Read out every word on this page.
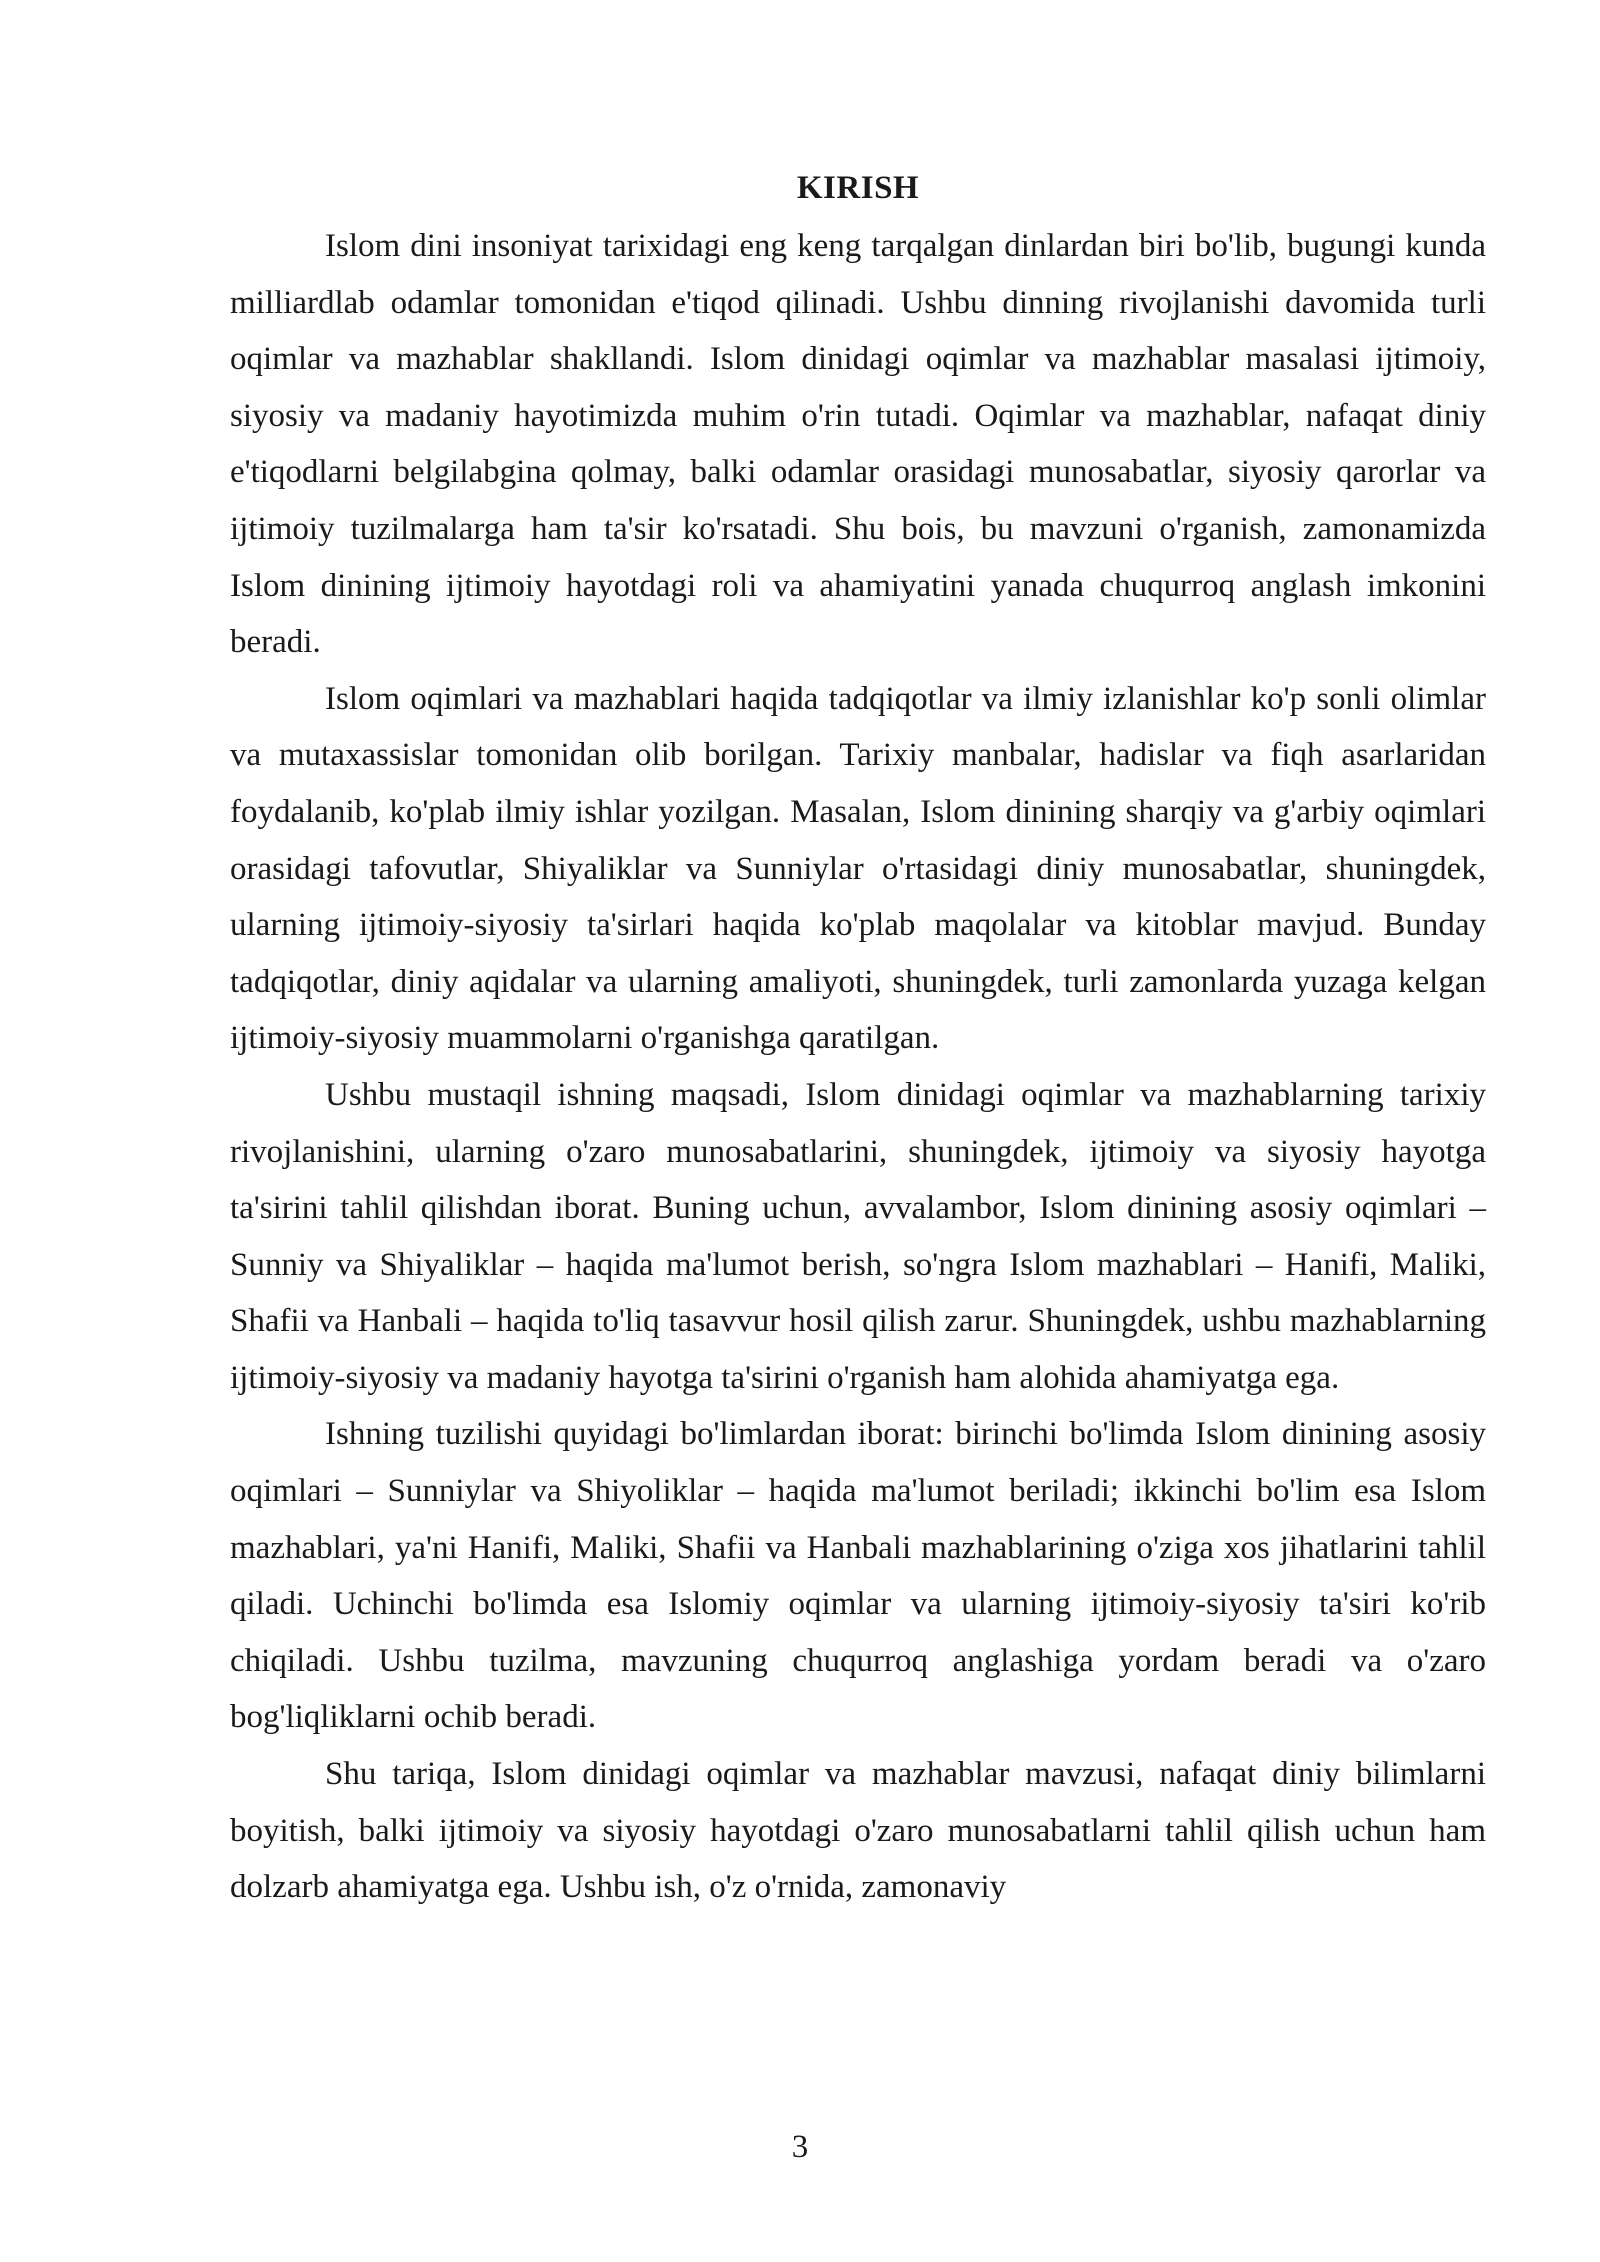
KIRISH

Islom dini insoniyat tarixidagi eng keng tarqalgan dinlardan biri bo'lib, bugungi kunda milliardlab odamlar tomonidan e'tiqod qilinadi. Ushbu dinning rivojlanishi davomida turli oqimlar va mazhablar shakllandi. Islom dinidagi oqimlar va mazhablar masalasi ijtimoiy, siyosiy va madaniy hayotimizda muhim o'rin tutadi. Oqimlar va mazhablar, nafaqat diniy e'tiqodlarni belgilabgina qolmay, balki odamlar orasidagi munosabatlar, siyosiy qarorlar va ijtimoiy tuzilmalarga ham ta'sir ko'rsatadi. Shu bois, bu mavzuni o'rganish, zamonamizda Islom dinining ijtimoiy hayotdagi roli va ahamiyatini yanada chuqurroq anglash imkonini beradi.

Islom oqimlari va mazhablari haqida tadqiqotlar va ilmiy izlanishlar ko'p sonli olimlar va mutaxassislar tomonidan olib borilgan. Tarixiy manbalar, hadislar va fiqh asarlaridan foydalanib, ko'plab ilmiy ishlar yozilgan. Masalan, Islom dinining sharqiy va g'arbiy oqimlari orasidagi tafovutlar, Shiyaliklar va Sunniylar o'rtasidagi diniy munosabatlar, shuningdek, ularning ijtimoiy-siyosiy ta'sirlari haqida ko'plab maqolalar va kitoblar mavjud. Bunday tadqiqotlar, diniy aqidalar va ularning amaliyoti, shuningdek, turli zamonlarda yuzaga kelgan ijtimoiy-siyosiy muammolarni o'rganishga qaratilgan.

Ushbu mustaqil ishning maqsadi, Islom dinidagi oqimlar va mazhablarning tarixiy rivojlanishini, ularning o'zaro munosabatlarini, shuningdek, ijtimoiy va siyosiy hayotga ta'sirini tahlil qilishdan iborat. Buning uchun, avvalambor, Islom dinining asosiy oqimlari – Sunniy va Shiyaliklar – haqida ma'lumot berish, so'ngra Islom mazhablari – Hanifi, Maliki, Shafii va Hanbali – haqida to'liq tasavvur hosil qilish zarur. Shuningdek, ushbu mazhablarning ijtimoiy-siyosiy va madaniy hayotga ta'sirini o'rganish ham alohida ahamiyatga ega.

Ishning tuzilishi quyidagi bo'limlardan iborat: birinchi bo'limda Islom dinining asosiy oqimlari – Sunniylar va Shiyoliklar – haqida ma'lumot beriladi; ikkinchi bo'lim esa Islom mazhablari, ya'ni Hanifi, Maliki, Shafii va Hanbali mazhablarining o'ziga xos jihatlarini tahlil qiladi. Uchinchi bo'limda esa Islomiy oqimlar va ularning ijtimoiy-siyosiy ta'siri ko'rib chiqiladi. Ushbu tuzilma, mavzuning chuqurroq anglashiga yordam beradi va o'zaro bog'liqliklarni ochib beradi.

Shu tariqa, Islom dinidagi oqimlar va mazhablar mavzusi, nafaqat diniy bilimlarni boyitish, balki ijtimoiy va siyosiy hayotdagi o'zaro munosabatlarni tahlil qilish uchun ham dolzarb ahamiyatga ega. Ushbu ish, o'z o'rnida, zamonaviy

3
